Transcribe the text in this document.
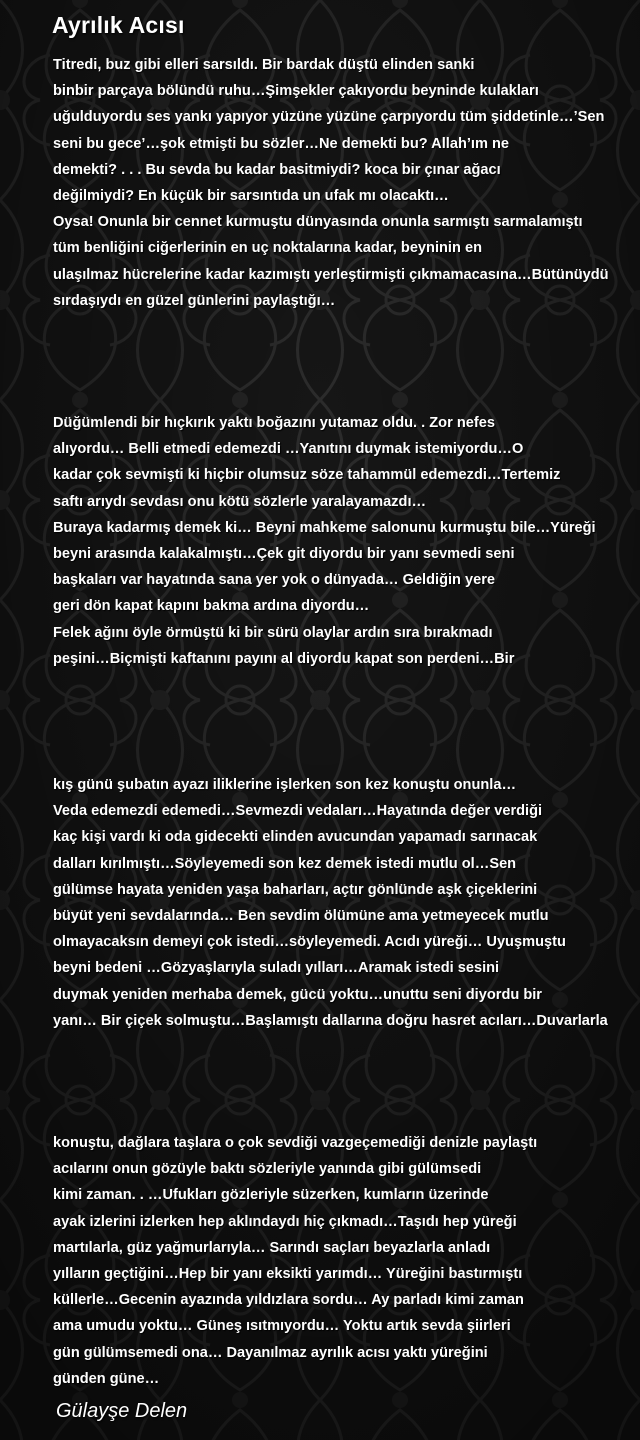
Ayrılık Acısı

Titredi, buz gibi elleri sarsıldı. Bir bardak düştü elinden sanki
binbir parçaya bölündü ruhu…Şimşekler çakıyordu beyninde kulakları
uğulduyordu ses yankı yapıyor yüzüne yüzüne çarpıyordu tüm şiddetinle…’Sen
seni bu gece’…şok etmişti bu sözler…Ne demekti bu? Allah’ım ne
demekti? . . . Bu sevda bu kadar basitmiydi? koca bir çınar ağacı
değilmiydi? En küçük bir sarsıntıda un ufak mı olacaktı…
Oysa! Onunla bir cennet kurmuştu dünyasında onunla sarmıştı sarmalamıştı
tüm benliğini ciğerlerinin en uç noktalarına kadar, beyninin en
ulaşılmaz hücrelerine kadar kazımıştı yerleştirmişti çıkmamacasına…Bütünüydü
sırdaşıydı en güzel günlerini paylaştığı…

Düğümlendi bir hıçkırık yaktı boğazını yutamaz oldu. . Zor nefes
alıyordu… Belli etmedi edemezdi …Yanıtını duymak istemiyordu…O
kadar çok sevmişti ki hiçbir olumsuz söze tahammül edemezdi…Tertemiz
saftı arıydı sevdası onu kötü sözlerle yaralayamazdı…
Buraya kadarmış demek ki… Beyni mahkeme salonunu kurmuştu bile…Yüreği
beyni arasında kalakalmıştı…Çek git diyordu bir yanı sevmedi seni
başkaları var hayatında sana yer yok o dünyada… Geldiğin yere
geri dön kapat kapını bakma ardına diyordu…
Felek ağını öyle örmüştü ki bir sürü olaylar ardın sıra bırakmadı
peşini…Biçmişti kaftanını payını al diyordu kapat son perdeni…Bir

kış günü şubatın ayazı iliklerine işlerken son kez konuştu onunla…
Veda edemezdi edemedi…Sevmezdi vedaları…Hayatında değer verdiği
kaç kişi vardı ki oda gidecekti elinden avucundan yapamadı sarınacak
dalları kırılmıştı…Söyleyemedi son kez demek istedi mutlu ol…Sen
gülümse hayata yeniden yaşa baharları, açtır gönlünde aşk çiçeklerini
büyüt yeni sevdalarında… Ben sevdim ölümüne ama yetmeyecek mutlu
olmayacaksın demeyi çok istedi…söyleyemedi. Acıdı yüreği… Uyuşmuştu
beyni bedeni …Gözyaşlarıyla suladı yılları…Aramak istedi sesini
duymak yeniden merhaba demek, gücü yoktu…unuttu seni diyordu bir
yanı… Bir çiçek solmuştu…Başlamıştı dallarına doğru hasret acıları…Duvarlarla

konuştu, dağlara taşlara o çok sevdiği vazgeçemediği denizle paylaştı
acılarını onun gözüyle baktı sözleriyle yanında gibi gülümsedi
kimi zaman. . …Ufukları gözleriyle süzerken, kumların üzerinde
ayak izlerini izlerken hep aklındaydı hiç çıkmadı…Taşıdı hep yüreği
martılarla, güz yağmurlarıyla… Sarındı saçları beyazlarla anladı
yılların geçtiğini…Hep bir yanı eksikti yarımdı… Yüreğini bastırmıştı
küllerle…Gecenin ayazında yıldızlara sordu… Ay parladı kimi zaman
ama umudu yoktu… Güneş ısıtmıyordu… Yoktu artık sevda şiirleri
gün gülümsemedi ona… Dayanılmaz ayrılık acısı yaktı yüreğini
günden güne…

Gülayşe Delen
